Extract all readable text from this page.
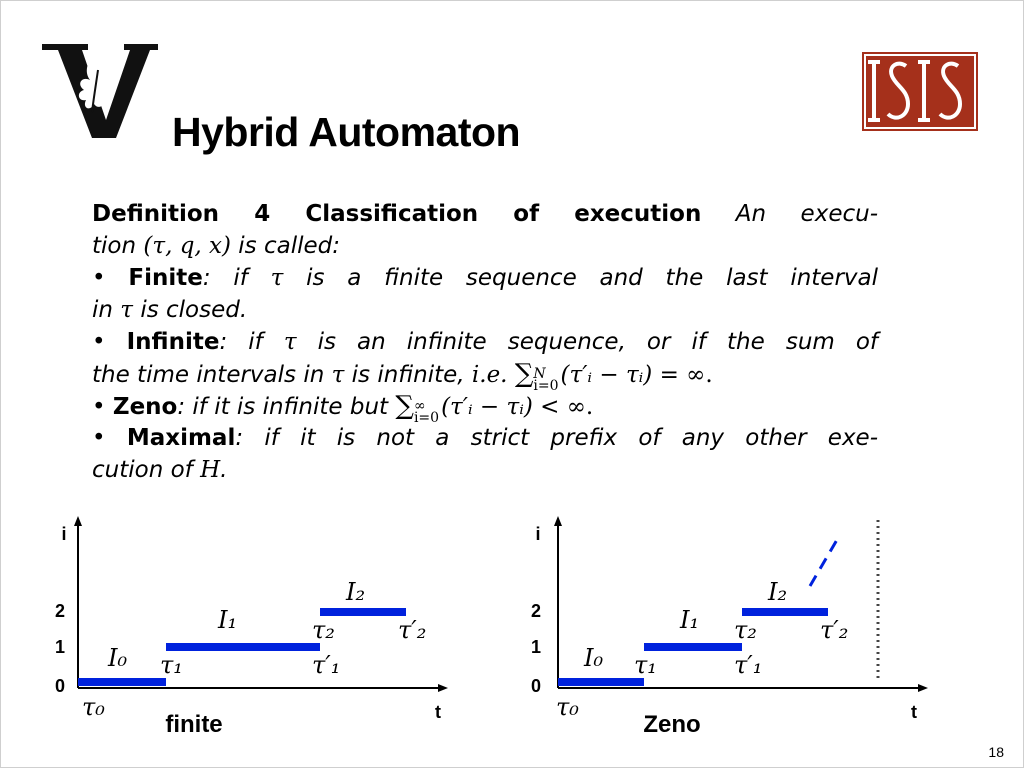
Hybrid Automaton
Definition 4 Classification of execution An execu-
tion (τ, q, x) is called:
• Finite: if τ is a finite sequence and the last interval
in τ is closed.
• Infinite: if τ is an infinite sequence, or if the sum of
the time intervals in τ is infinite, i.e. ∑ N
i=0 (τ′ᵢ − τᵢ) = ∞.
• Zeno: if it is infinite but ∑ ∞
i=0 (τ′ᵢ − τᵢ) < ∞.
• Maximal: if it is not a strict prefix of any other exe-
cution of H.
i
t
0
1
2
I₀
I₁
I₂
τ₀
τ₁	τ′₁
τ₂	τ′₂
finite
i
t
0
1
2
I₀
I₁
I₂
τ₀
τ₁	τ′₁
τ₂	τ′₂
Zeno
18
